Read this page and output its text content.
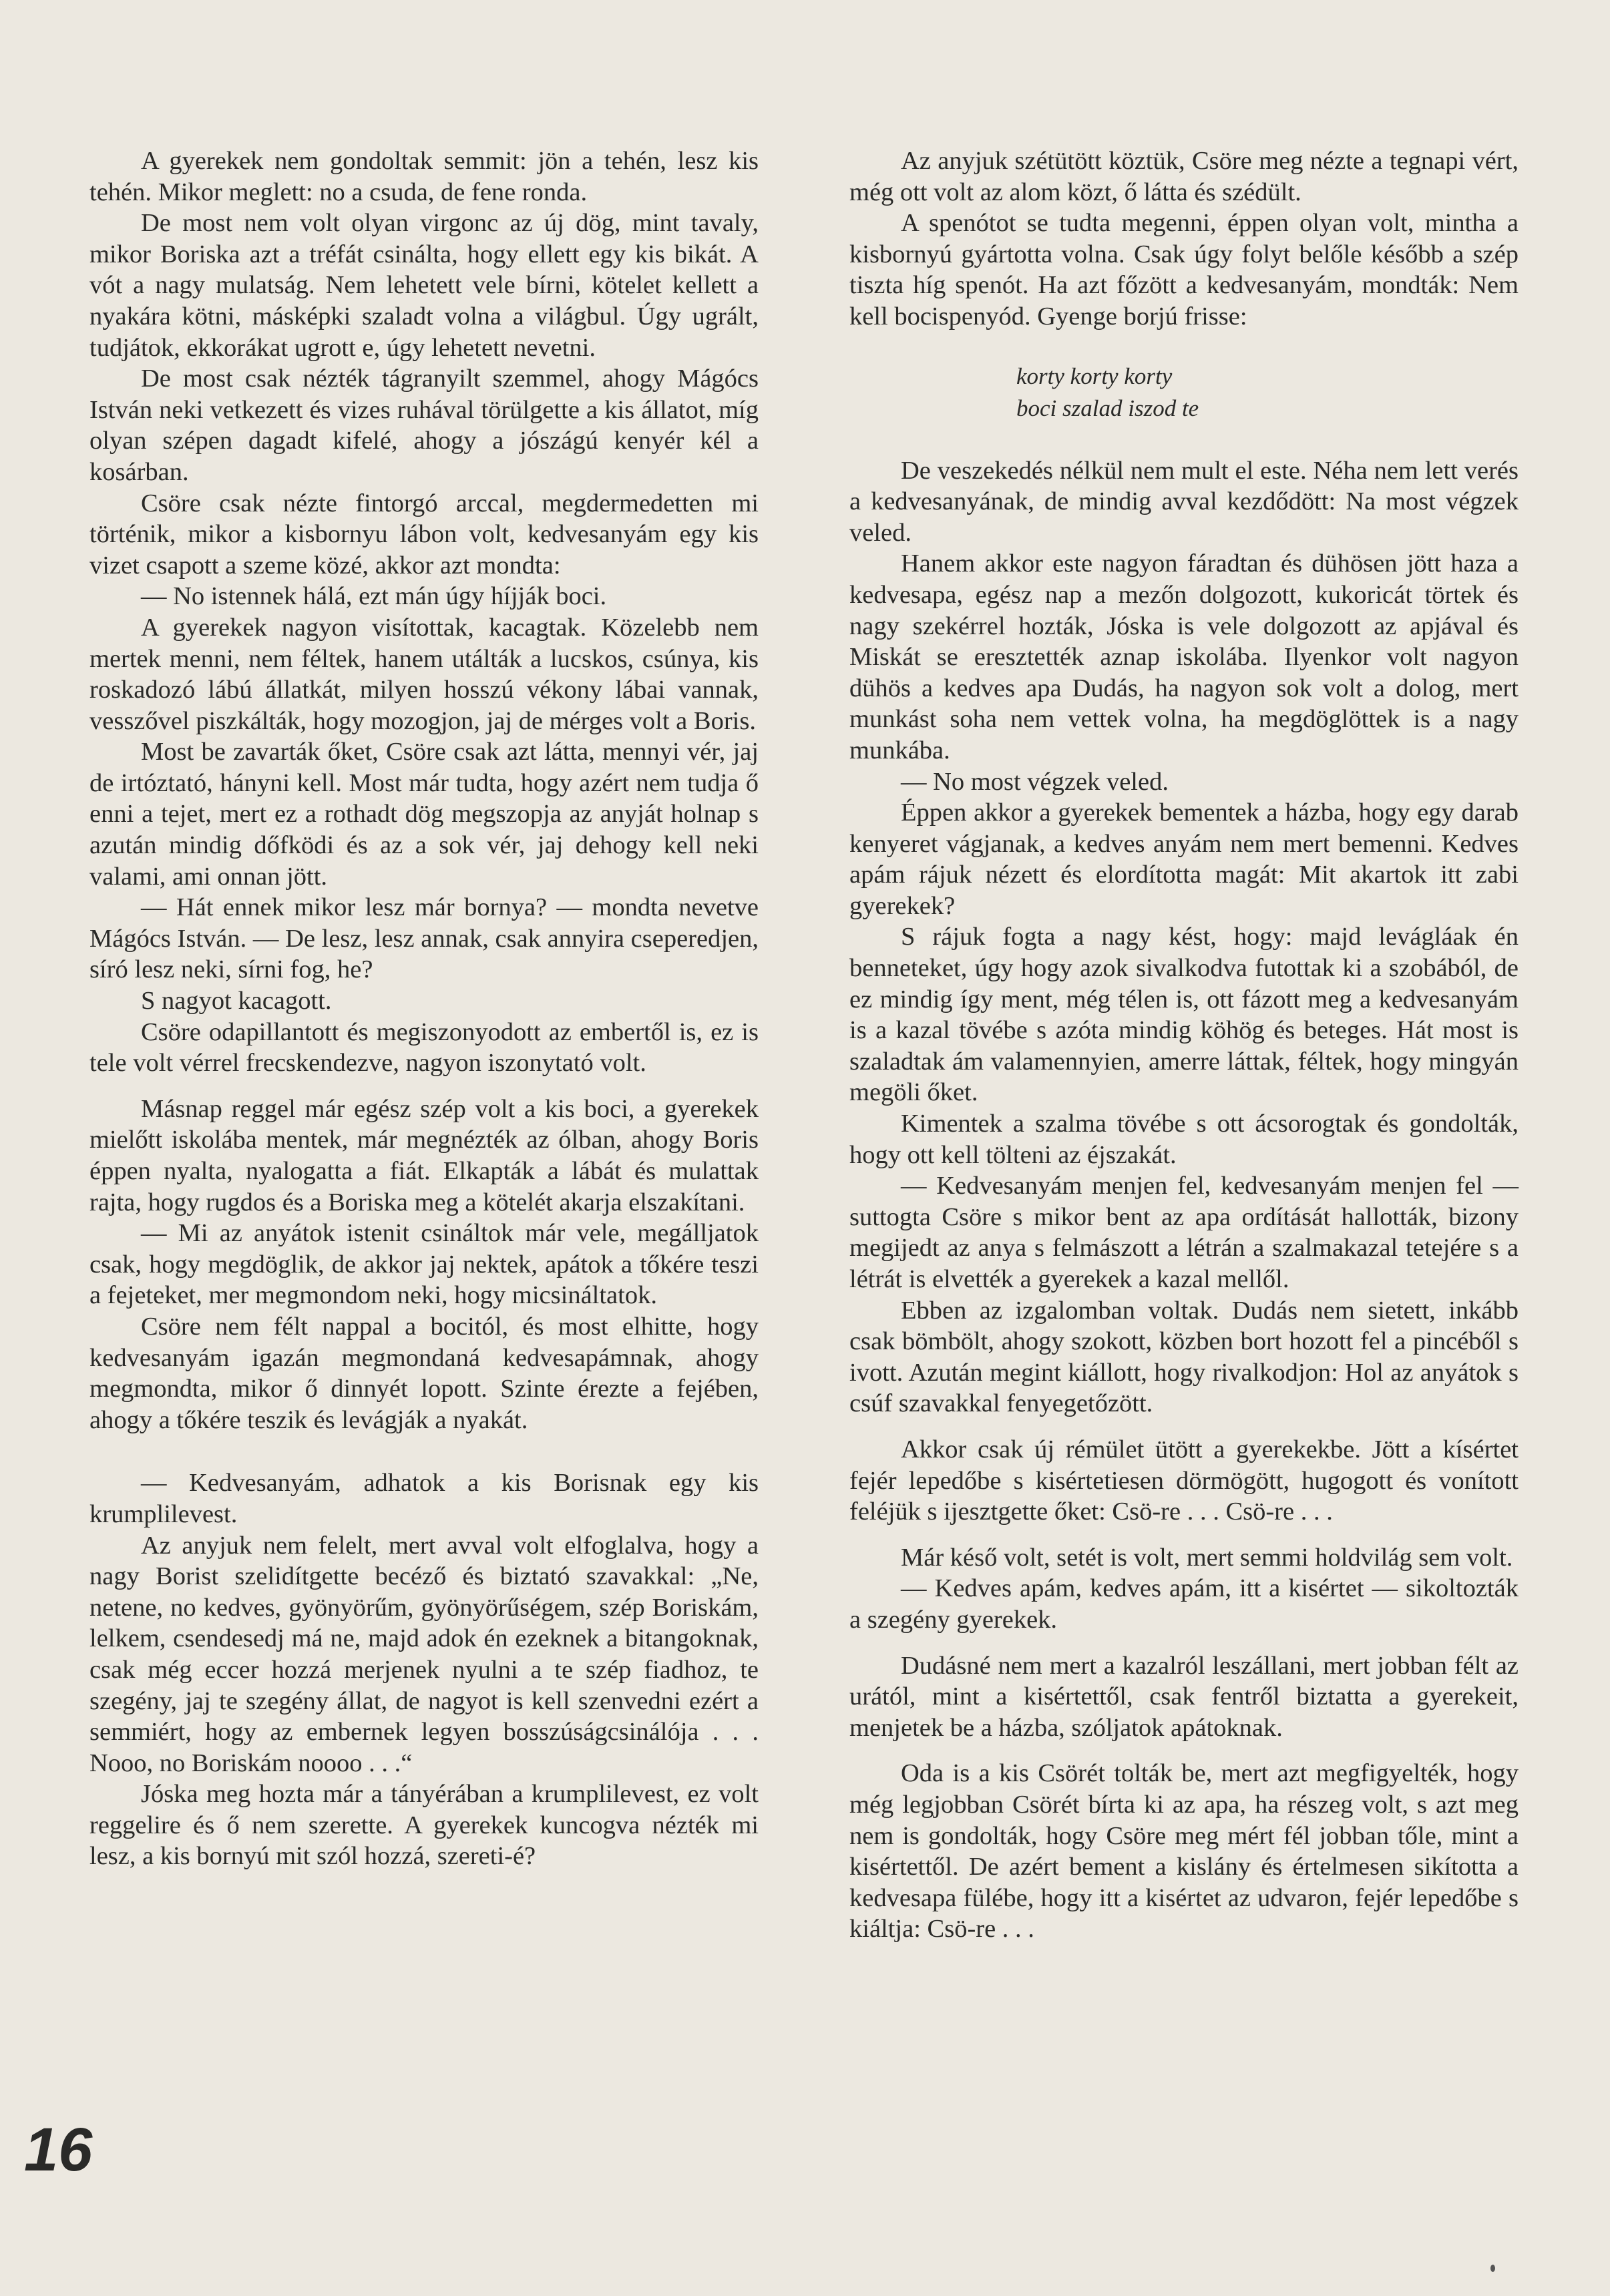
A gyerekek nem gondoltak semmit: jön a tehén, lesz kis tehén. Mikor meglett: no a csuda, de fene ronda.

De most nem volt olyan virgonc az új dög, mint tavaly, mikor Boriska azt a tréfát csinálta, hogy ellett egy kis bikát. A vót a nagy mulatság. Nem lehetett vele bírni, kötelet kellett a nyakára kötni, másképki szaladt volna a világbul. Úgy ugrált, tudjátok, ekkorákat ugrott e, úgy lehetett nevetni.

De most csak nézték tágranyilt szemmel, ahogy Mágócs István neki vetkezett és vizes ruhával törülgette a kis állatot, míg olyan szépen dagadt kifelé, ahogy a jószágú kenyér kél a kosárban.

Csöre csak nézte fintorgó arccal, megdermedetten mi történik, mikor a kisbornyu lábon volt, kedvesanyám egy kis vizet csapott a szeme közé, akkor azt mondta:

— No istennek hálá, ezt mán úgy híjják boci.

A gyerekek nagyon visítottak, kacagtak. Közelebb nem mertek menni, nem féltek, hanem utálták a lucskos, csúnya, kis roskadozó lábú állatkát, milyen hosszú vékony lábai vannak, vesszővel piszkálták, hogy mozogjon, jaj de mérges volt a Boris.

Most be zavarták őket, Csöre csak azt látta, mennyi vér, jaj de irtóztató, hányni kell. Most már tudta, hogy azért nem tudja ő enni a tejet, mert ez a rothadt dög megszopja az anyját holnap s azután mindig dőfködi és az a sok vér, jaj dehogy kell neki valami, ami onnan jött.

— Hát ennek mikor lesz már bornya? — mondta nevetve Mágócs István. — De lesz, lesz annak, csak annyira cseperedjen, síró lesz neki, sírni fog, he?

S nagyot kacagott.

Csöre odapillantott és megiszonyodott az embertől is, ez is tele volt vérrel frecskendezve, nagyon iszonytató volt.

Másnap reggel már egész szép volt a kis boci, a gyerekek mielőtt iskolába mentek, már megnézték az ólban, ahogy Boris éppen nyalta, nyalogatta a fiát. Elkapták a lábát és mulattak rajta, hogy rugdos és a Boriska meg a kötelét akarja elszakítani.

— Mi az anyátok istenit csináltok már vele, megálljatok csak, hogy megdöglik, de akkor jaj nektek, apátok a tőkére teszi a fejeteket, mer megmondom neki, hogy micsináltatok.

Csöre nem félt nappal a bocitól, és most elhitte, hogy kedvesanyám igazán megmondaná kedvesapámnak, ahogy megmondta, mikor ő dinnyét lopott. Szinte érezte a fejében, ahogy a tőkére teszik és levágják a nyakát.

— Kedvesanyám, adhatok a kis Borisnak egy kis krumplilevest.

Az anyjuk nem felelt, mert avval volt elfoglalva, hogy a nagy Borist szelidítgette becéző és biztató szavakkal: „Ne, netene, no kedves, gyönyörűm, gyönyörűségem, szép Boriskám, lelkem, csendesedj má ne, majd adok én ezeknek a bitangoknak, csak még eccer hozzá merjenek nyulni a te szép fiadhoz, te szegény, jaj te szegény állat, de nagyot is kell szenvedni ezért a semmiért, hogy az embernek legyen bosszúságcsinálója . . . Nooo, no Boriskám noooo . . .“

Jóska meg hozta már a tányérában a krumplilevest, ez volt reggelire és ő nem szerette. A gyerekek kuncogva nézték mi lesz, a kis bornyú mit szól hozzá, szereti-é?

Az anyjuk szétütött köztük, Csöre meg nézte a tegnapi vért, még ott volt az alom közt, ő látta és szédült.

A spenótot se tudta megenni, éppen olyan volt, mintha a kisbornyú gyártotta volna. Csak úgy folyt belőle később a szép tiszta híg spenót. Ha azt főzött a kedvesanyám, mondták: Nem kell bocispenyód. Gyenge borjú frisse:

korty korty korty
boci szalad iszod te

De veszekedés nélkül nem mult el este. Néha nem lett verés a kedvesanyának, de mindig avval kezdődött: Na most végzek veled.

Hanem akkor este nagyon fáradtan és dühösen jött haza a kedvesapa, egész nap a mezőn dolgozott, kukoricát törtek és nagy szekérrel hozták, Jóska is vele dolgozott az apjával és Miskát se eresztették aznap iskolába. Ilyenkor volt nagyon dühös a kedves apa Dudás, ha nagyon sok volt a dolog, mert munkást soha nem vettek volna, ha megdöglöttek is a nagy munkába.

— No most végzek veled.

Éppen akkor a gyerekek bementek a házba, hogy egy darab kenyeret vágjanak, a kedves anyám nem mert bemenni. Kedves apám rájuk nézett és elordította magát: Mit akartok itt zabi gyerekek?

S rájuk fogta a nagy kést, hogy: majd levágláak én benneteket, úgy hogy azok sivalkodva futottak ki a szobából, de ez mindig így ment, még télen is, ott fázott meg a kedvesanyám is a kazal tövébe s azóta mindig köhög és beteges. Hát most is szaladtak ám valamennyien, amerre láttak, féltek, hogy mingyán megöli őket.

Kimentek a szalma tövébe s ott ácsorogtak és gondolták, hogy ott kell tölteni az éjszakát.

— Kedvesanyám menjen fel, kedvesanyám menjen fel — suttogta Csöre s mikor bent az apa ordítását hallották, bizony megijedt az anya s felmászott a létrán a szalmakazal tetejére s a létrát is elvették a gyerekek a kazal mellől.

Ebben az izgalomban voltak. Dudás nem sietett, inkább csak bömbölt, ahogy szokott, közben bort hozott fel a pincéből s ivott. Azután megint kiállott, hogy rivalkodjon: Hol az anyátok s csúf szavakkal fenyegetőzött.

Akkor csak új rémület ütött a gyerekekbe. Jött a kísértet fejér lepedőbe s kisértetiesen dörmögött, hugogott és vonított feléjük s ijesztgette őket: Csö-re . . . Csö-re . . .

Már késő volt, setét is volt, mert semmi holdvilág sem volt.

— Kedves apám, kedves apám, itt a kisértet — sikoltozták a szegény gyerekek.

Dudásné nem mert a kazalról leszállani, mert jobban félt az urától, mint a kisértettől, csak fentről biztatta a gyerekeit, menjetek be a házba, szóljatok apátoknak.

Oda is a kis Csörét tolták be, mert azt megfigyelték, hogy még legjobban Csörét bírta ki az apa, ha részeg volt, s azt meg nem is gondolták, hogy Csöre meg mért fél jobban tőle, mint a kisértettől. De azért bement a kislány és értelmesen sikította a kedvesapa fülébe, hogy itt a kisértet az udvaron, fejér lepedőbe s kiáltja: Csö-re . . .

16
